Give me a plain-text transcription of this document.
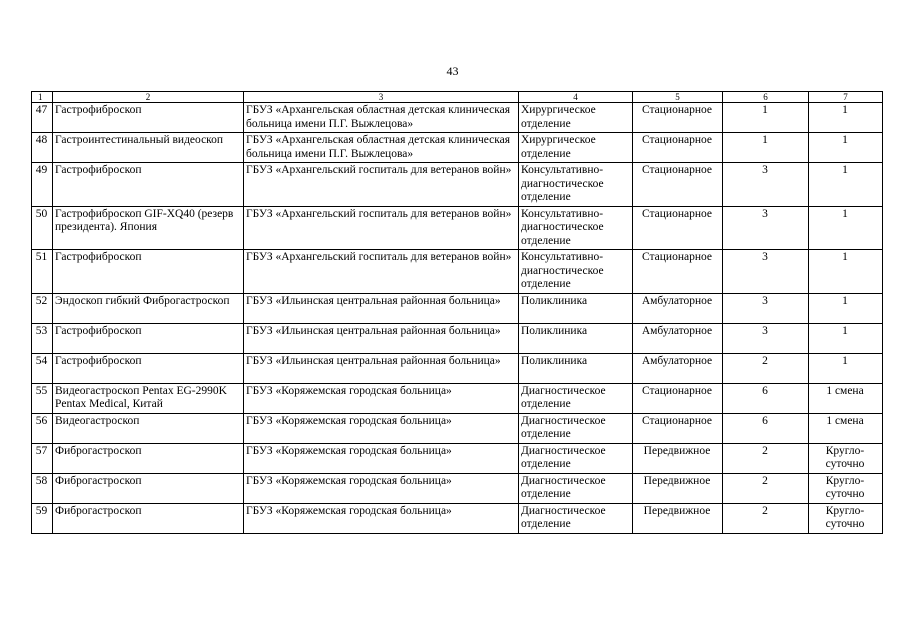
43
1	2	3	4	5	6	7
47	Гастрофиброскоп	ГБУЗ «Архангельская областная детская клиническая больница имени П.Г. Выжлецова»	Хирургическое отделение	Стационарное	1	1
48	Гастроинтестинальный видеоскоп	ГБУЗ «Архангельская областная детская клиническая больница имени П.Г. Выжлецова»	Хирургическое отделение	Стационарное	1	1
49	Гастрофиброскоп	ГБУЗ «Архангельский госпиталь для ветеранов войн»	Консультативно-диагностическое отделение	Стационарное	3	1
50	Гастрофиброскоп GIF-XQ40 (резерв президента). Япония	ГБУЗ «Архангельский госпиталь для ветеранов войн»	Консультативно-диагностическое отделение	Стационарное	3	1
51	Гастрофиброскоп	ГБУЗ «Архангельский госпиталь для ветеранов войн»	Консультативно-диагностическое отделение	Стационарное	3	1
52	Эндоскоп гибкий Фиброгастроскоп	ГБУЗ «Ильинская центральная районная больница»	Поликлиника	Амбулаторное	3	1
53	Гастрофиброскоп	ГБУЗ «Ильинская центральная районная больница»	Поликлиника	Амбулаторное	3	1
54	Гастрофиброскоп	ГБУЗ «Ильинская центральная районная больница»	Поликлиника	Амбулаторное	2	1
55	Видеогастроскоп Pentax EG-2990K Pentax Medical, Китай	ГБУЗ «Коряжемская городская больница»	Диагностическое отделение	Стационарное	6	1 смена
56	Видеогастроскоп	ГБУЗ «Коряжемская городская больница»	Диагностическое отделение	Стационарное	6	1 смена
57	Фиброгастроскоп	ГБУЗ «Коряжемская городская больница»	Диагностическое отделение	Передвижное	2	Кругло-суточно
58	Фиброгастроскоп	ГБУЗ «Коряжемская городская больница»	Диагностическое отделение	Передвижное	2	Кругло-суточно
59	Фиброгастроскоп	ГБУЗ «Коряжемская городская больница»	Диагностическое отделение	Передвижное	2	Кругло-суточно
